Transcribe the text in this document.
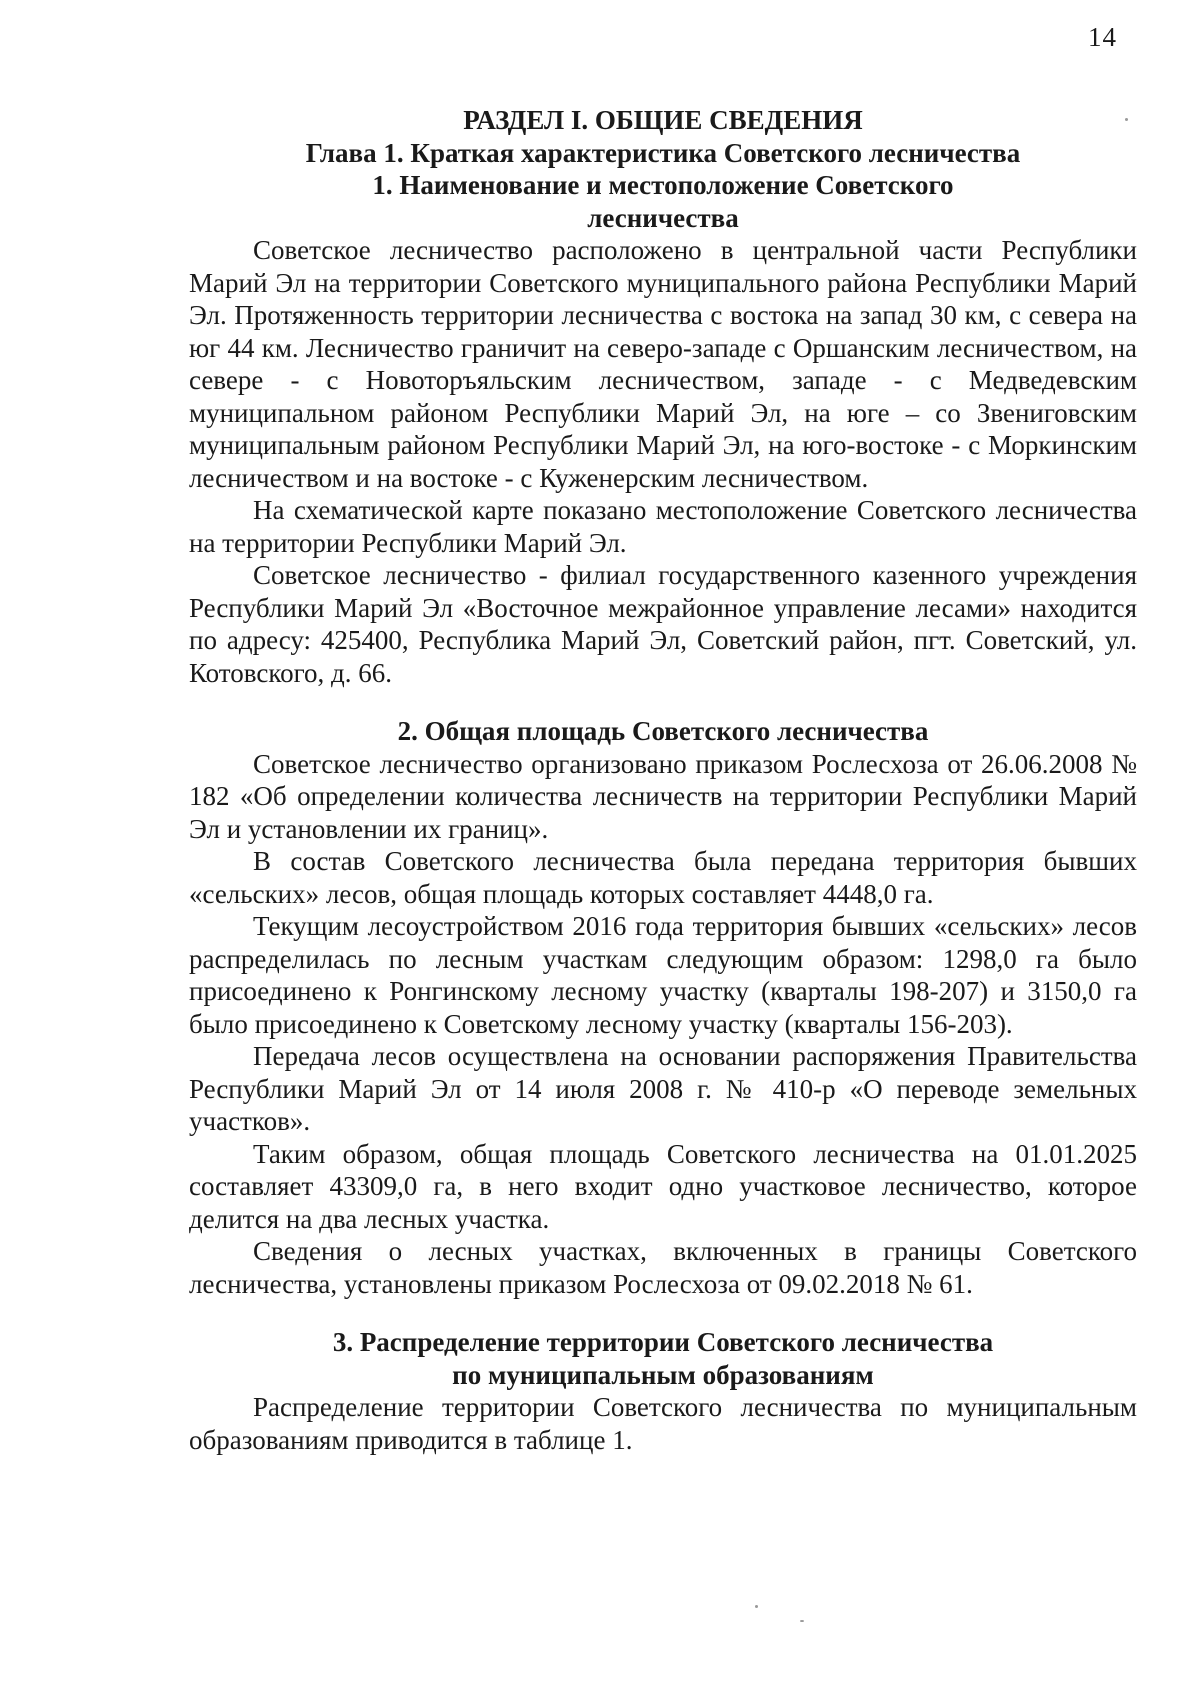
14
РАЗДЕЛ I. ОБЩИЕ СВЕДЕНИЯ
Глава 1. Краткая характеристика Советского лесничества
1. Наименование и местоположение Советского
лесничества

Советское лесничество расположено в центральной части Республики Марий Эл на территории Советского муниципального района Республики Марий Эл. Протяженность территории лесничества с востока на запад 30 км, с севера на юг 44 км. Лесничество граничит на северо-западе с Оршанским лесничеством, на севере - с Новоторъяльским лесничеством, западе - с Медведевским муниципальном районом Республики Марий Эл, на юге – со Звениговским муниципальным районом Республики Марий Эл, на юго-востоке - с Моркинским лесничеством и на востоке - с Куженерским лесничеством.

На схематической карте показано местоположение Советского лесничества на территории Республики Марий Эл.

Советское лесничество - филиал государственного казенного учреждения Республики Марий Эл «Восточное межрайонное управление лесами» находится по адресу: 425400, Республика Марий Эл, Советский район, пгт. Советский, ул. Котовского, д. 66.

2. Общая площадь Советского лесничества

Советское лесничество организовано приказом Рослесхоза от 26.06.2008 № 182 «Об определении количества лесничеств на территории Республики Марий Эл и установлении их границ».

В состав Советского лесничества была передана территория бывших «сельских» лесов, общая площадь которых составляет 4448,0 га.

Текущим лесоустройством 2016 года территория бывших «сельских» лесов распределилась по лесным участкам следующим образом: 1298,0 га было присоединено к Ронгинскому лесному участку (кварталы 198-207) и 3150,0 га было присоединено к Советскому лесному участку (кварталы 156-203).

Передача лесов осуществлена на основании распоряжения Правительства Республики Марий Эл от 14 июля 2008 г. № 410-р «О переводе земельных участков».

Таким образом, общая площадь Советского лесничества на 01.01.2025 составляет 43309,0 га, в него входит одно участковое лесничество, которое делится на два лесных участка.

Сведения о лесных участках, включенных в границы Советского лесничества, установлены приказом Рослесхоза от 09.02.2018 № 61.

3. Распределение территории Советского лесничества
по муниципальным образованиям

Распределение территории Советского лесничества по муниципальным образованиям приводится в таблице 1.
